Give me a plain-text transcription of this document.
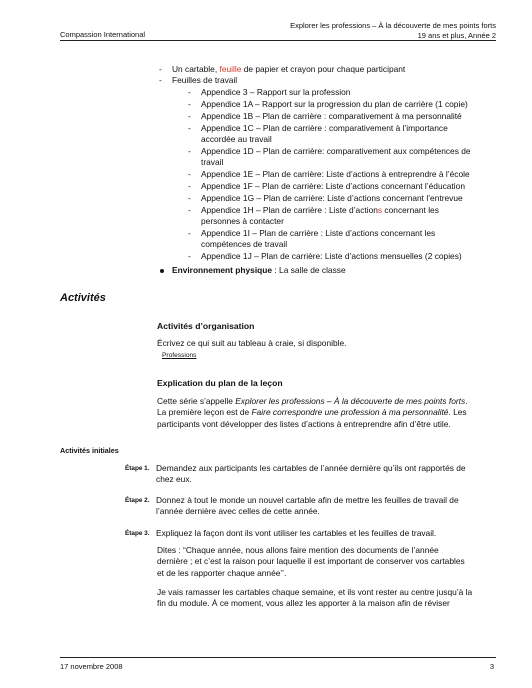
Compassion International
Explorer les professions – À la découverte de mes points forts
19 ans et plus, Année 2
- Un cartable, feuille de papier et crayon pour chaque participant
- Feuilles de travail
- Appendice 3 – Rapport sur la profession
- Appendice 1A – Rapport sur la progression du plan de carrière (1 copie)
- Appendice 1B – Plan de carrière : comparativement à ma personnalité
- Appendice 1C – Plan de carrière : comparativement à l’importance
accordée au travail
- Appendice 1D – Plan de carrière: comparativement aux compétences de
travail
- Appendice 1E – Plan de carrière: Liste d’actions à entreprendre à l’école
- Appendice 1F – Plan de carrière: Liste d’actions concernant l’éducation
- Appendice 1G – Plan de carrière: Liste d’actions concernant l’entrevue
- Appendice 1H – Plan de carrière : Liste d’actions concernant les
personnes à contacter
- Appendice 1I – Plan de carrière : Liste d’actions concernant les
compétences de travail
- Appendice 1J – Plan de carrière: Liste d’actions mensuelles (2 copies)
Environnement physique : La salle de classe
Activités
Activités d’organisation
Écrivez ce qui suit au tableau à craie, si disponible.
Professions
Explication du plan de la leçon
Cette série s’appelle Explorer les professions – À la découverte de mes points forts.
La première leçon est de Faire correspondre une profession à ma personnalité. Les
participants vont développer des listes d’actions à entreprendre afin d’être utile.
Activités initiales
Étape 1. Demandez aux participants les cartables de l’année dernière qu’ils ont rapportés de
chez eux.
Étape 2. Donnez à tout le monde un nouvel cartable afin de mettre les feuilles de travail de
l’année dernière avec celles de cette année.
Étape 3. Expliquez la façon dont ils vont utiliser les cartables et les feuilles de travail.
Dites : “Chaque année, nous allons faire mention des documents de l’année
dernière ; et c’est la raison pour laquelle il est important de conserver vos cartables
et de les rapporter chaque année’’.
Je vais ramasser les cartables chaque semaine, et ils vont rester au centre jusqu’à la
fin du module. À ce moment, vous allez les apporter à la maison afin de réviser
17 novembre 2008	3
